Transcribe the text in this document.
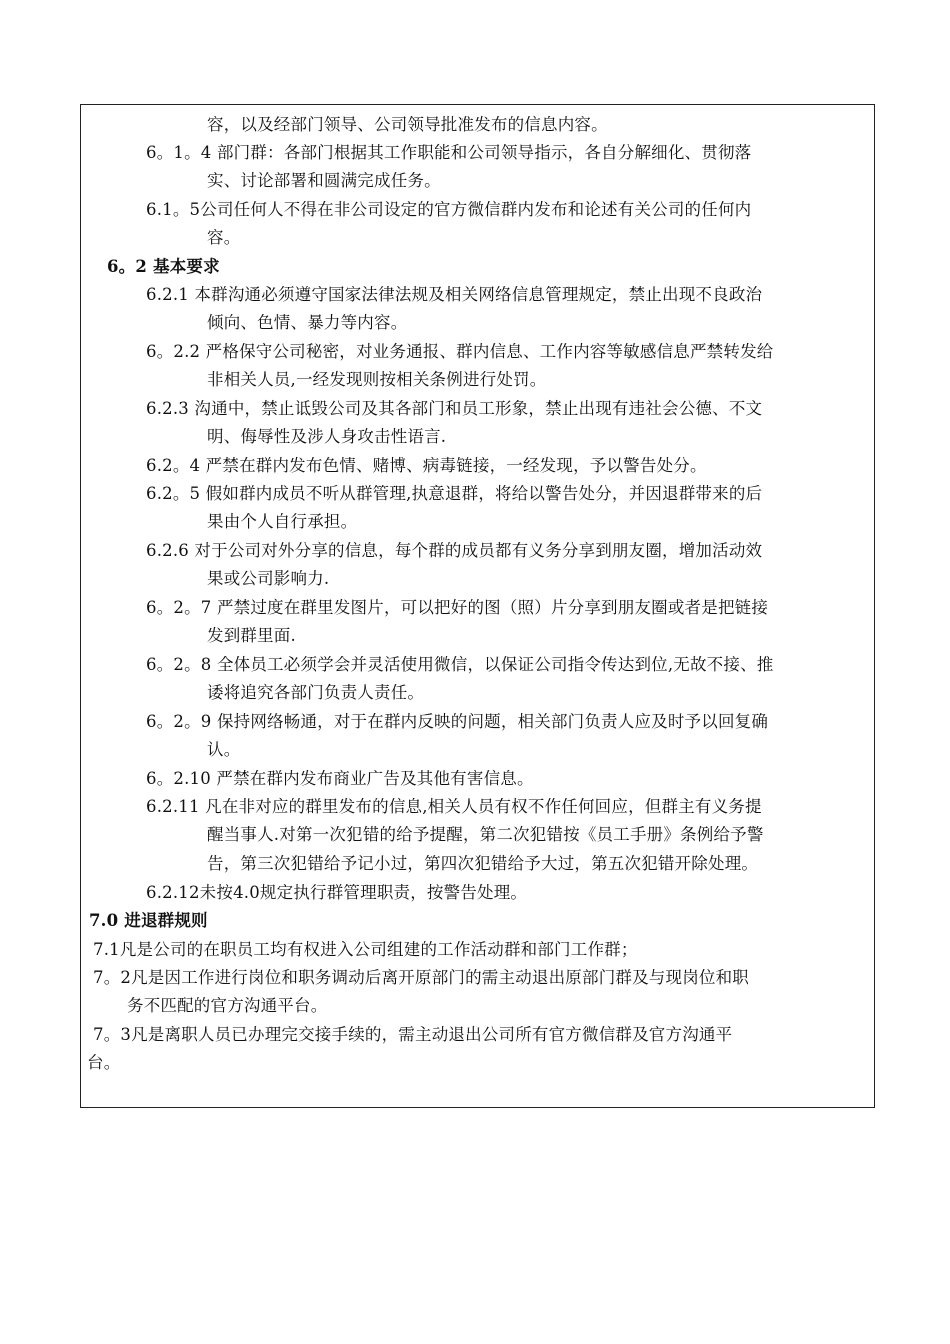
容，以及经部门领导、公司领导批准发布的信息内容。
6。1。4 部门群：各部门根据其工作职能和公司领导指示，各自分解细化、贯彻落
实、讨论部署和圆满完成任务。
6.1。5公司任何人不得在非公司设定的官方微信群内发布和论述有关公司的任何内
容。
6。2 基本要求
6.2.1 本群沟通必须遵守国家法律法规及相关网络信息管理规定，禁止出现不良政治
倾向、色情、暴力等内容。
6。2.2 严格保守公司秘密，对业务通报、群内信息、工作内容等敏感信息严禁转发给
非相关人员,一经发现则按相关条例进行处罚。
6.2.3 沟通中，禁止诋毁公司及其各部门和员工形象，禁止出现有违社会公德、不文
明、侮辱性及涉人身攻击性语言.
6.2。4 严禁在群内发布色情、赌博、病毒链接，一经发现，予以警告处分。
6.2。5 假如群内成员不听从群管理,执意退群，将给以警告处分，并因退群带来的后
果由个人自行承担。
6.2.6 对于公司对外分享的信息，每个群的成员都有义务分享到朋友圈，增加活动效
果或公司影响力.
6。2。7 严禁过度在群里发图片，可以把好的图（照）片分享到朋友圈或者是把链接
发到群里面.
6。2。8 全体员工必须学会并灵活使用微信，以保证公司指令传达到位,无故不接、推
诿将追究各部门负责人责任。
6。2。9 保持网络畅通，对于在群内反映的问题，相关部门负责人应及时予以回复确
认。
6。2.10 严禁在群内发布商业广告及其他有害信息。
6.2.11 凡在非对应的群里发布的信息,相关人员有权不作任何回应，但群主有义务提
醒当事人.对第一次犯错的给予提醒，第二次犯错按《员工手册》条例给予警
告，第三次犯错给予记小过，第四次犯错给予大过，第五次犯错开除处理。
6.2.12未按4.0规定执行群管理职责，按警告处理。
7.0 进退群规则
7.1凡是公司的在职员工均有权进入公司组建的工作活动群和部门工作群；
7。2凡是因工作进行岗位和职务调动后离开原部门的需主动退出原部门群及与现岗位和职
务不匹配的官方沟通平台。
7。3凡是离职人员已办理完交接手续的，需主动退出公司所有官方微信群及官方沟通平
台。
